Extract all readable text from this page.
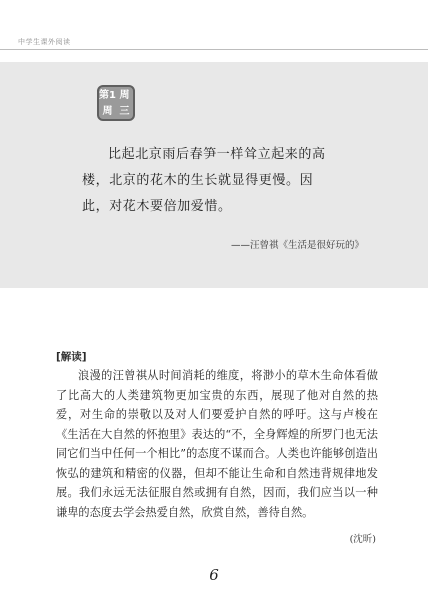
中学生课外阅读
第1 周
周 三

比起北京雨后春笋一样耸立起来的高楼，北京的花木的生长就显得更慢。因此，对花木要倍加爱惜。

——汪曾祺《生活是很好玩的》
[解读]

浪漫的汪曾祺从时间消耗的维度，将渺小的草木生命体看做了比高大的人类建筑物更加宝贵的东西，展现了他对自然的热爱，对生命的崇敬以及对人们要爱护自然的呼吁。这与卢梭在《生活在大自然的怀抱里》表达的“不，全身辉煌的所罗门也无法同它们当中任何一个相比”的态度不谋而合。人类也许能够创造出恢弘的建筑和精密的仪器，但却不能让生命和自然违背规律地发展。我们永远无法征服自然或拥有自然，因而，我们应当以一种谦卑的态度去学会热爱自然，欣赏自然，善待自然。

(沈昕)
6
